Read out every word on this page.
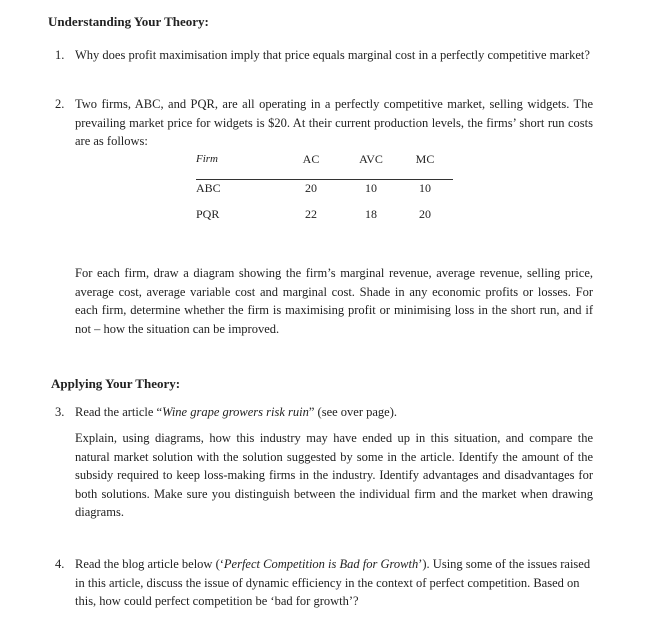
Understanding Your Theory:
1. Why does profit maximisation imply that price equals marginal cost in a perfectly competitive market?
2. Two firms, ABC, and PQR, are all operating in a perfectly competitive market, selling widgets. The prevailing market price for widgets is $20. At their current production levels, the firms’ short run costs are as follows:
Firm	AC	AVC	MC
ABC	20	10	10
PQR	22	18	20
For each firm, draw a diagram showing the firm’s marginal revenue, average revenue, selling price, average cost, average variable cost and marginal cost. Shade in any economic profits or losses. For each firm, determine whether the firm is maximising profit or minimising loss in the short run, and if not – how the situation can be improved.
Applying Your Theory:
3. Read the article “Wine grape growers risk ruin” (see over page).
Explain, using diagrams, how this industry may have ended up in this situation, and compare the natural market solution with the solution suggested by some in the article. Identify the amount of the subsidy required to keep loss-making firms in the industry. Identify advantages and disadvantages for both solutions. Make sure you distinguish between the individual firm and the market when drawing diagrams.
4. Read the blog article below (‘Perfect Competition is Bad for Growth’). Using some of the issues raised in this article, discuss the issue of dynamic efficiency in the context of perfect competition. Based on this, how could perfect competition be ‘bad for growth’?
